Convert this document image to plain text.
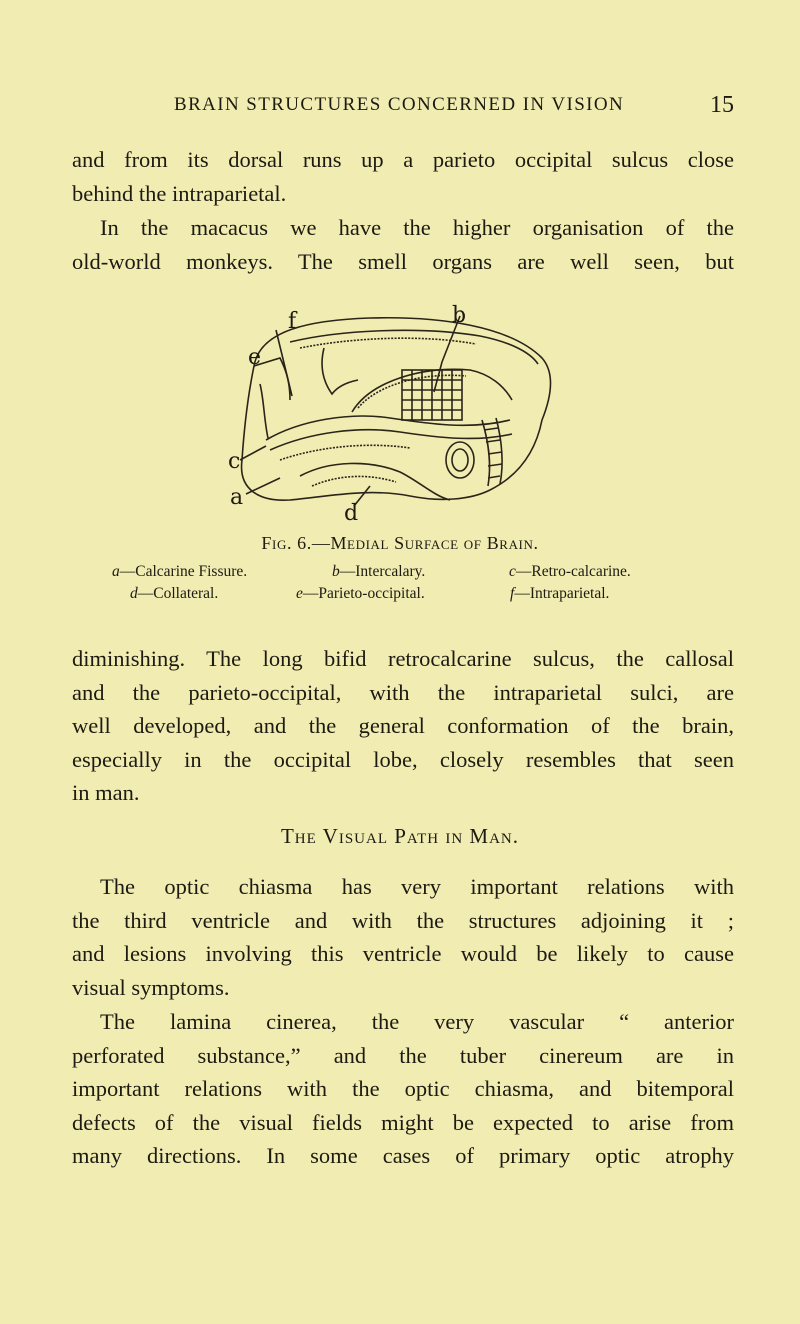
BRAIN STRUCTURES CONCERNED IN VISION	15

and from its dorsal runs up a parieto occipital sulcus close
behind the intraparietal.

In the macacus we have the higher organisation of the
old-world monkeys. The smell organs are well seen, but

f	b
e
c
a
d
Fig. 6.—Medial Surface of Brain.
a—Calcarine Fissure.	b—Intercalary.	c—Retro-calcarine.
d—Collateral.	e—Parieto-occipital.	f—Intraparietal.

diminishing. The long bifid retrocalcarine sulcus, the callosal
and the parieto-occipital, with the intraparietal sulci, are
well developed, and the general conformation of the brain,
especially in the occipital lobe, closely resembles that seen
in man.

The Visual Path in Man.

The optic chiasma has very important relations with
the third ventricle and with the structures adjoining it ;
and lesions involving this ventricle would be likely to cause
visual symptoms.

The lamina cinerea, the very vascular “ anterior
perforated substance,” and the tuber cinereum are in
important relations with the optic chiasma, and bitemporal
defects of the visual fields might be expected to arise from
many directions. In some cases of primary optic atrophy
